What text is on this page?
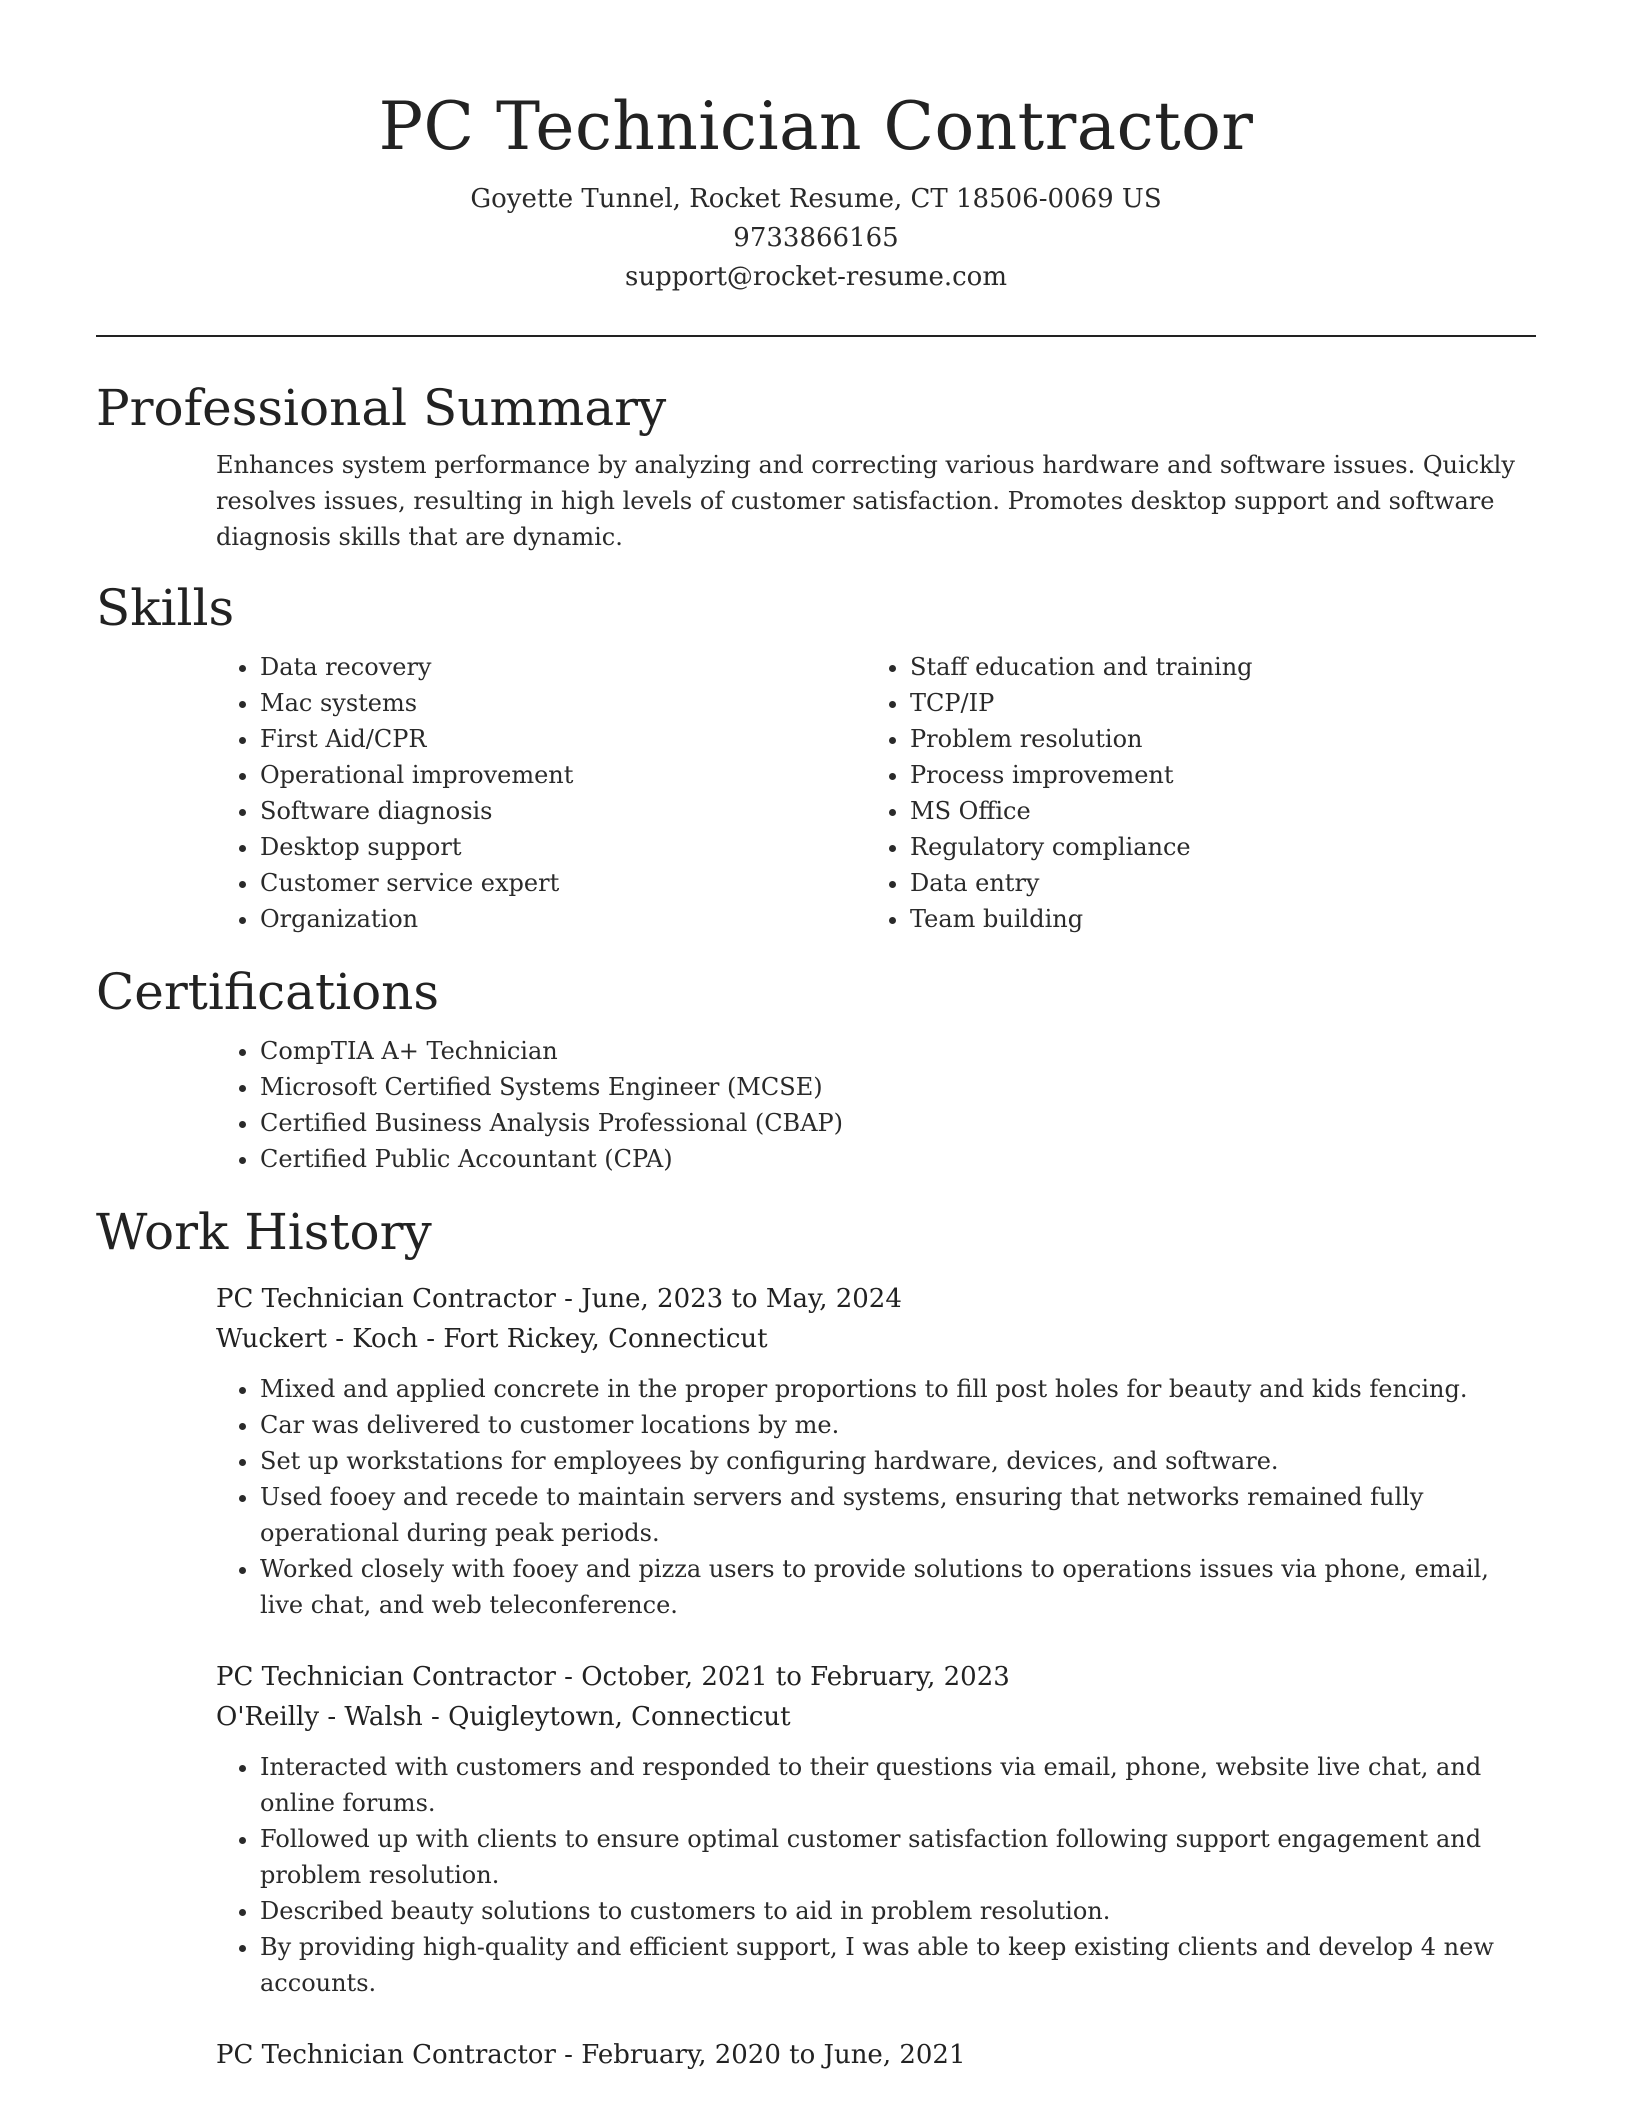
PC Technician Contractor
Goyette Tunnel, Rocket Resume, CT 18506-0069 US
9733866165
support@rocket-resume.com
Professional Summary

Enhances system performance by analyzing and correcting various hardware and software issues. Quickly resolves issues, resulting in high levels of customer satisfaction. Promotes desktop support and software diagnosis skills that are dynamic.

Skills
• Data recovery
• Mac systems
• First Aid/CPR
• Operational improvement
• Software diagnosis
• Desktop support
• Customer service expert
• Organization
• Staff education and training
• TCP/IP
• Problem resolution
• Process improvement
• MS Office
• Regulatory compliance
• Data entry
• Team building
Certifications
• CompTIA A+ Technician
• Microsoft Certified Systems Engineer (MCSE)
• Certified Business Analysis Professional (CBAP)
• Certified Public Accountant (CPA)
Work History
PC Technician Contractor - June, 2023 to May, 2024
Wuckert - Koch - Fort Rickey, Connecticut
• Mixed and applied concrete in the proper proportions to fill post holes for beauty and kids fencing.
• Car was delivered to customer locations by me.
• Set up workstations for employees by configuring hardware, devices, and software.
• Used fooey and recede to maintain servers and systems, ensuring that networks remained fully operational during peak periods.
• Worked closely with fooey and pizza users to provide solutions to operations issues via phone, email, live chat, and web teleconference.
PC Technician Contractor - October, 2021 to February, 2023
O'Reilly - Walsh - Quigleytown, Connecticut
• Interacted with customers and responded to their questions via email, phone, website live chat, and online forums.
• Followed up with clients to ensure optimal customer satisfaction following support engagement and problem resolution.
• Described beauty solutions to customers to aid in problem resolution.
• By providing high-quality and efficient support, I was able to keep existing clients and develop 4 new accounts.
PC Technician Contractor - February, 2020 to June, 2021
